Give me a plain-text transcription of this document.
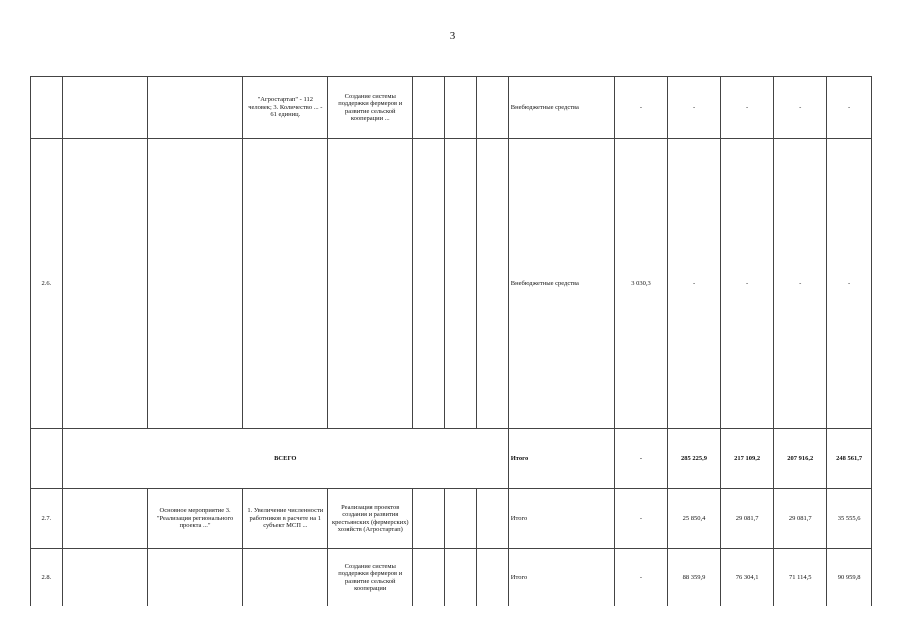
3
			"Агростартап" - 112 человек; 3. Количество ... - 61 единиц.	Создание системы поддержки фермеров и развитие сельской кооперации ...				Внебюджетные средства	-	-	-	-	-
2.6.								Внебюджетные средства	3 030,3	-	-	-	-
	ВСЕГО							Итого	-	285 225,9	217 109,2	207 916,2	248 561,7
2.7.		Основное мероприятие 3. "Реализация регионального проекта ..."	1. Увеличение численности работников в расчете на 1 субъект МСП ...	Реализация проектов создания и развития крестьянских (фермерских) хозяйств (Агростартап)				Итого	-	25 850,4	29 081,7	29 081,7	35 555,6
2.8.				Создание системы поддержки фермеров и развитие сельской кооперации				Итого	-	88 359,9	76 304,1	71 114,5	90 959,8
